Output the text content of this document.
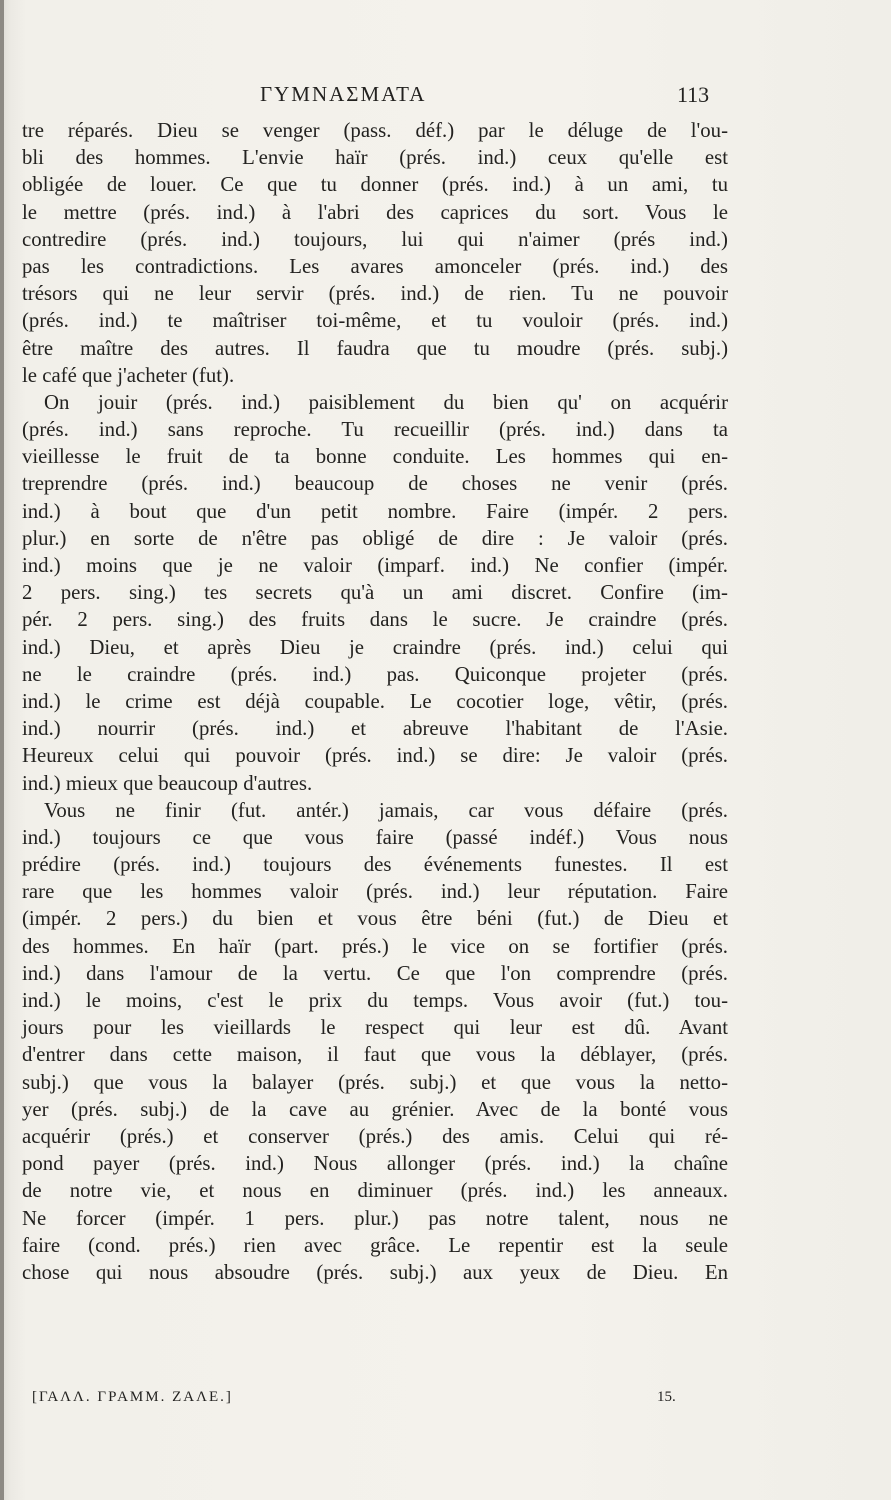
ΓΥΜΝΑΣΜΑΤΑ	113
tre réparés. Dieu se venger (pass. déf.) par le déluge de l'ou-
bli des hommes. L'envie haïr (prés. ind.) ceux qu'elle est
obligée de louer. Ce que tu donner (prés. ind.) à un ami, tu
le mettre (prés. ind.) à l'abri des caprices du sort. Vous le
contredire (prés. ind.) toujours, lui qui n'aimer (prés ind.)
pas les contradictions. Les avares amonceler (prés. ind.) des
trésors qui ne leur servir (prés. ind.) de rien. Tu ne pouvoir
(prés. ind.) te maîtriser toi-même, et tu vouloir (prés. ind.)
être maître des autres. Il faudra que tu moudre (prés. subj.)
le café que j'acheter (fut).
On jouir (prés. ind.) paisiblement du bien qu' on acquérir
(prés. ind.) sans reproche. Tu recueillir (prés. ind.) dans ta
vieillesse le fruit de ta bonne conduite. Les hommes qui en-
treprendre (prés. ind.) beaucoup de choses ne venir (prés.
ind.) à bout que d'un petit nombre. Faire (impér. 2 pers.
plur.) en sorte de n'être pas obligé de dire : Je valoir (prés.
ind.) moins que je ne valoir (imparf. ind.) Ne confier (impér.
2 pers. sing.) tes secrets qu'à un ami discret. Confire (im-
pér. 2 pers. sing.) des fruits dans le sucre. Je craindre (prés.
ind.) Dieu, et après Dieu je craindre (prés. ind.) celui qui
ne le craindre (prés. ind.) pas. Quiconque projeter (prés.
ind.) le crime est déjà coupable. Le cocotier loge, vêtir, (prés.
ind.) nourrir (prés. ind.) et abreuve l'habitant de l'Asie.
Heureux celui qui pouvoir (prés. ind.) se dire: Je valoir (prés.
ind.) mieux que beaucoup d'autres.
Vous ne finir (fut. antér.) jamais, car vous défaire (prés.
ind.) toujours ce que vous faire (passé indéf.) Vous nous
prédire (prés. ind.) toujours des événements funestes. Il est
rare que les hommes valoir (prés. ind.) leur réputation. Faire
(impér. 2 pers.) du bien et vous être béni (fut.) de Dieu et
des hommes. En haïr (part. prés.) le vice on se fortifier (prés.
ind.) dans l'amour de la vertu. Ce que l'on comprendre (prés.
ind.) le moins, c'est le prix du temps. Vous avoir (fut.) tou-
jours pour les vieillards le respect qui leur est dû. Avant
d'entrer dans cette maison, il faut que vous la déblayer, (prés.
subj.) que vous la balayer (prés. subj.) et que vous la netto-
yer (prés. subj.) de la cave au grénier. Avec de la bonté vous
acquérir (prés.) et conserver (prés.) des amis. Celui qui ré-
pond payer (prés. ind.) Nous allonger (prés. ind.) la chaîne
de notre vie, et nous en diminuer (prés. ind.) les anneaux.
Ne forcer (impér. 1 pers. plur.) pas notre talent, nous ne
faire (cond. prés.) rien avec grâce. Le repentir est la seule
chose qui nous absoudre (prés. subj.) aux yeux de Dieu. En
[ΓΑΛΛ. ΓΡΑΜΜ. ΖΑΛΕ.]	15.
